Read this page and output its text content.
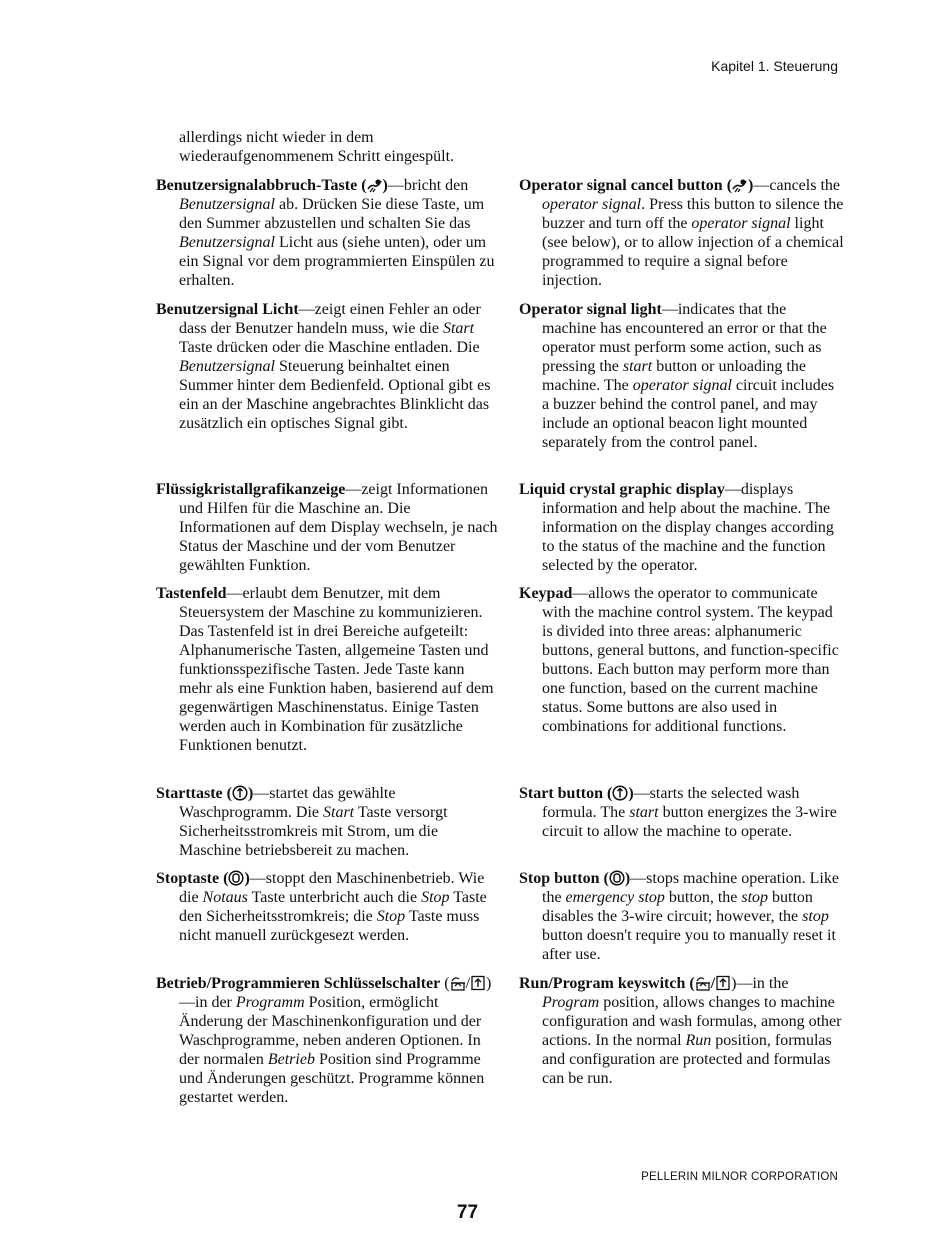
Kapitel 1. Steuerung
allerdings nicht wieder in dem
wiederaufgenommenem Schritt eingespült.

Benutzersignalabbruch-Taste ( )—bricht den Benutzersignal ab. Drücken Sie diese Taste, um den Summer abzustellen und schalten Sie das Benutzersignal Licht aus (siehe unten), oder um ein Signal vor dem programmierten Einspülen zu erhalten.

Benutzersignal Licht—zeigt einen Fehler an oder dass der Benutzer handeln muss, wie die Start Taste drücken oder die Maschine entladen. Die Benutzersignal Steuerung beinhaltet einen Summer hinter dem Bedienfeld. Optional gibt es ein an der Maschine angebrachtes Blinklicht das zusätzlich ein optisches Signal gibt.

Flüssigkristallgrafikanzeige—zeigt Informationen und Hilfen für die Maschine an. Die Informationen auf dem Display wechseln, je nach Status der Maschine und der vom Benutzer gewählten Funktion.

Tastenfeld—erlaubt dem Benutzer, mit dem Steuersystem der Maschine zu kommunizieren. Das Tastenfeld ist in drei Bereiche aufgeteilt: Alphanumerische Tasten, allgemeine Tasten und funktionsspezifische Tasten. Jede Taste kann mehr als eine Funktion haben, basierend auf dem gegenwärtigen Maschinenstatus. Einige Tasten werden auch in Kombination für zusätzliche Funktionen benutzt.

Starttaste ( )—startet das gewählte Waschprogramm. Die Start Taste versorgt Sicherheitsstromkreis mit Strom, um die Maschine betriebsbereit zu machen.

Stoptaste ( )—stoppt den Maschinenbetrieb. Wie die Notaus Taste unterbricht auch die Stop Taste den Sicherheitsstromkreis; die Stop Taste muss nicht manuell zurückgesezt werden.

Betrieb/Programmieren Schlüsselschalter ( / )—in der Programm Position, ermöglicht Änderung der Maschinenkonfiguration und der Waschprogramme, neben anderen Optionen. In der normalen Betrieb Position sind Programme und Änderungen geschützt. Programme können gestartet werden.

Operator signal cancel button ( )—cancels the operator signal. Press this button to silence the buzzer and turn off the operator signal light (see below), or to allow injection of a chemical programmed to require a signal before injection.

Operator signal light—indicates that the machine has encountered an error or that the operator must perform some action, such as pressing the start button or unloading the machine. The operator signal circuit includes a buzzer behind the control panel, and may include an optional beacon light mounted separately from the control panel.

Liquid crystal graphic display—displays information and help about the machine. The information on the display changes according to the status of the machine and the function selected by the operator.

Keypad—allows the operator to communicate with the machine control system. The keypad is divided into three areas: alphanumeric buttons, general buttons, and function-specific buttons. Each button may perform more than one function, based on the current machine status. Some buttons are also used in combinations for additional functions.

Start button ( )—starts the selected wash formula. The start button energizes the 3-wire circuit to allow the machine to operate.

Stop button ( )—stops machine operation. Like the emergency stop button, the stop button disables the 3-wire circuit; however, the stop button doesn't require you to manually reset it after use.

Run/Program keyswitch ( / )—in the Program position, allows changes to machine configuration and wash formulas, among other actions. In the normal Run position, formulas and configuration are protected and formulas can be run.

PELLERIN MILNOR CORPORATION
77
